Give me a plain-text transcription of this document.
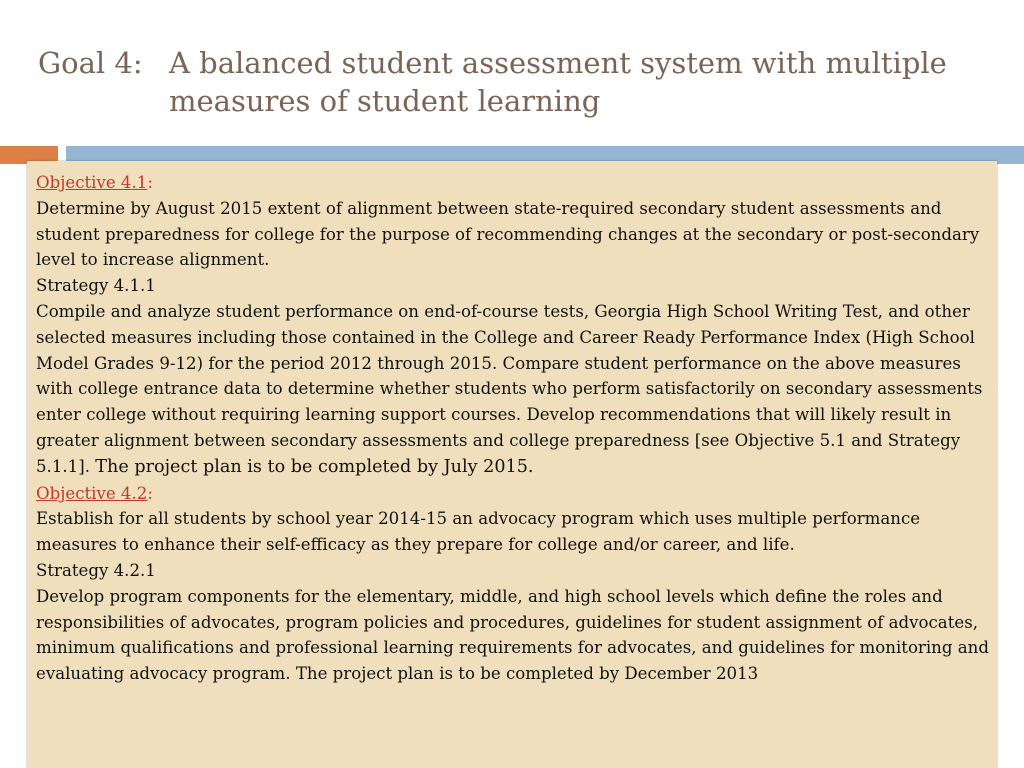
Goal 4: A balanced student assessment system with multiple measures of student learning

Objective 4.1:

Determine by August 2015 extent of alignment between state-required secondary student assessments and student preparedness for college for the purpose of recommending changes at the secondary or post-secondary level to increase alignment.

Strategy 4.1.1

Compile and analyze student performance on end-of-course tests, Georgia High School Writing Test, and other selected measures including those contained in the College and Career Ready Performance Index (High School Model Grades 9-12) for the period 2012 through 2015. Compare student performance on the above measures with college entrance data to determine whether students who perform satisfactorily on secondary assessments enter college without requiring learning support courses. Develop recommendations that will likely result in greater alignment between secondary assessments and college preparedness [see Objective 5.1 and Strategy 5.1.1]. The project plan is to be completed by July 2015.

Objective 4.2:

Establish for all students by school year 2014-15 an advocacy program which uses multiple performance measures to enhance their self-efficacy as they prepare for college and/or career, and life.

Strategy 4.2.1

Develop program components for the elementary, middle, and high school levels which define the roles and responsibilities of advocates, program policies and procedures, guidelines for student assignment of advocates, minimum qualifications and professional learning requirements for advocates, and guidelines for monitoring and evaluating advocacy program. The project plan is to be completed by December 2013
